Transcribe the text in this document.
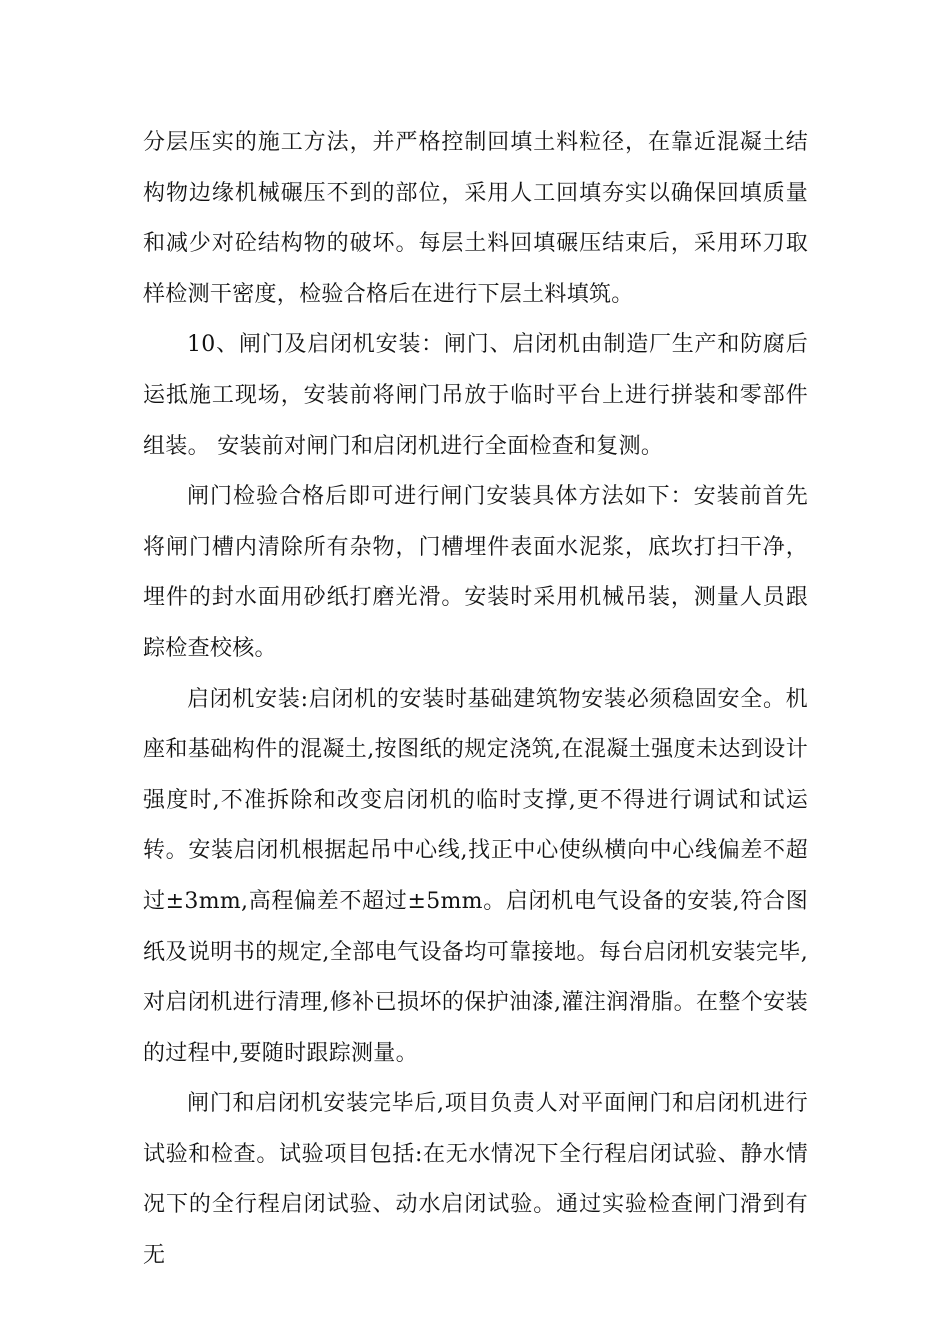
分层压实的施工方法，并严格控制回填土料粒径，在靠近混凝土结构物边缘机械碾压不到的部位，采用人工回填夯实以确保回填质量和减少对砼结构物的破坏。每层土料回填碾压结束后，采用环刀取样检测干密度，检验合格后在进行下层土料填筑。

10、闸门及启闭机安装：闸门、启闭机由制造厂生产和防腐后运抵施工现场，安装前将闸门吊放于临时平台上进行拼装和零部件组装。 安装前对闸门和启闭机进行全面检查和复测。

闸门检验合格后即可进行闸门安装具体方法如下：安装前首先将闸门槽内清除所有杂物，门槽埋件表面水泥浆，底坎打扫干净，埋件的封水面用砂纸打磨光滑。安装时采用机械吊装，测量人员跟踪检查校核。

启闭机安装:启闭机的安装时基础建筑物安装必须稳固安全。机座和基础构件的混凝土,按图纸的规定浇筑,在混凝土强度未达到设计强度时,不准拆除和改变启闭机的临时支撑,更不得进行调试和试运转。安装启闭机根据起吊中心线,找正中心使纵横向中心线偏差不超过±3mm,高程偏差不超过±5mm。启闭机电气设备的安装,符合图纸及说明书的规定,全部电气设备均可靠接地。每台启闭机安装完毕,对启闭机进行清理,修补已损坏的保护油漆,灌注润滑脂。在整个安装的过程中,要随时跟踪测量。

闸门和启闭机安装完毕后,项目负责人对平面闸门和启闭机进行试验和检查。试验项目包括:在无水情况下全行程启闭试验、静水情况下的全行程启闭试验、动水启闭试验。通过实验检查闸门滑到有无
